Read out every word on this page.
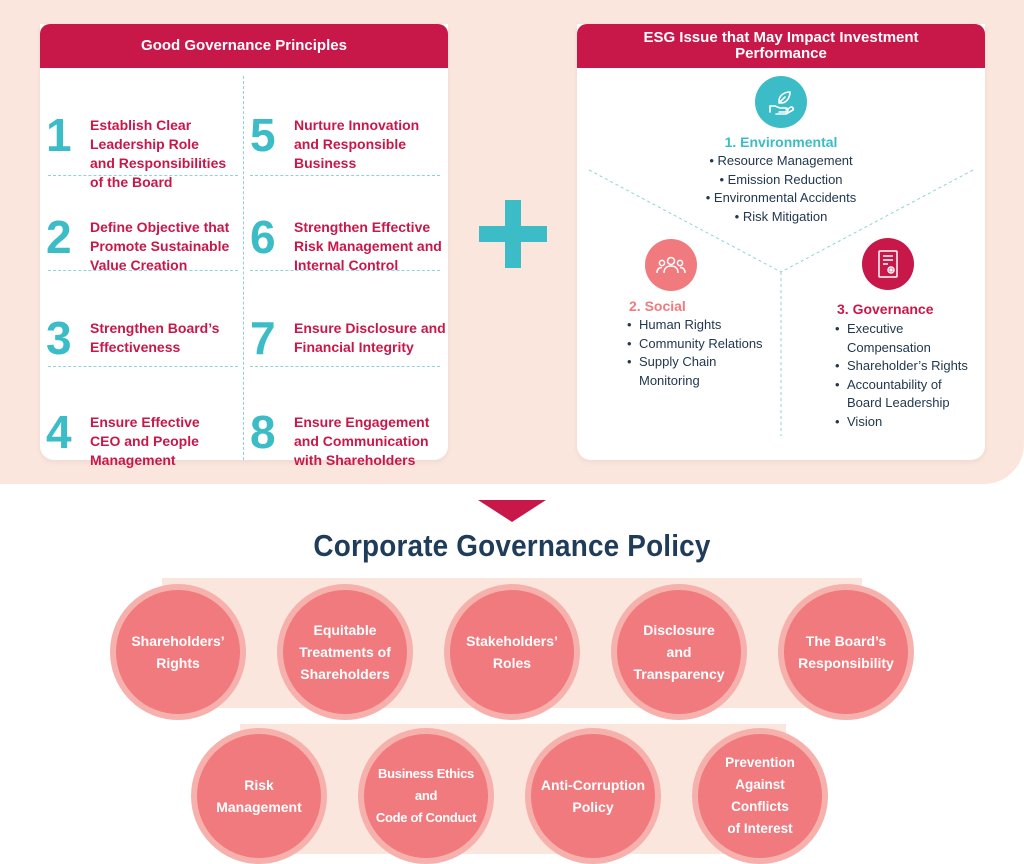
Good Governance Principles
1	Establish Clear
Leadership Role
and Responsibilities
of the Board
2	Define Objective that
Promote Sustainable
Value Creation
3	Strengthen Board’s
Effectiveness
4	Ensure Effective
CEO and People
Management
5	Nurture Innovation
and Responsible
Business
6	Strengthen Effective
Risk Management and
Internal Control
7	Ensure Disclosure and
Financial Integrity
8	Ensure Engagement
and Communication
with Shareholders
ESG Issue that May Impact Investment
Performance
1. Environmental
• Resource Management
• Emission Reduction
• Environmental Accidents
• Risk Mitigation
2. Social
• Human Rights
• Community Relations
• Supply Chain
Monitoring
3. Governance
• Executive
Compensation
• Shareholder’s Rights
• Accountability of
Board Leadership
• Vision
Corporate Governance Policy
Shareholders’
Rights
Equitable
Treatments of
Shareholders
Stakeholders’
Roles
Disclosure
and
Transparency
The Board’s
Responsibility
Risk
Management
Business Ethics
and
Code of Conduct
Anti-Corruption
Policy
Prevention
Against Conflicts
of Interest
